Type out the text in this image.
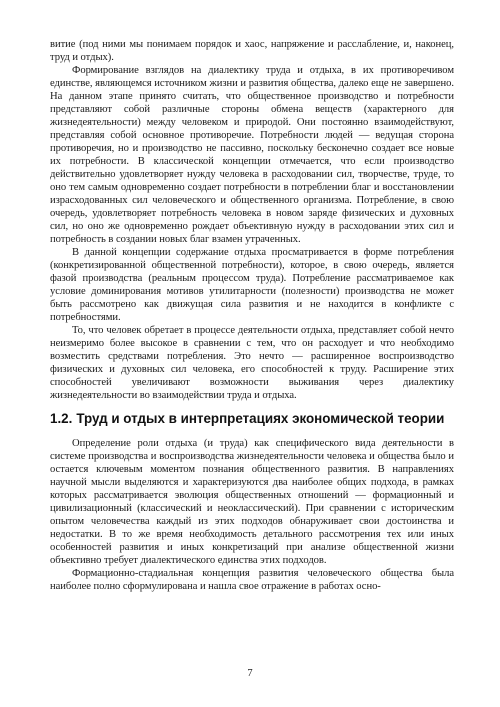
витие (под ними мы понимаем порядок и хаос, напряжение и расслабление, и, наконец, труд и отдых).

Формирование взглядов на диалектику труда и отдыха, в их противоречивом единстве, являющемся источником жизни и развития общества, далеко еще не завершено. На данном этапе принято считать, что общественное производство и потребности представляют собой различные стороны обмена веществ (характерного для жизнедеятельности) между человеком и природой. Они постоянно взаимодействуют, представляя собой основное противоречие. Потребности людей — ведущая сторона противоречия, но и производство не пассивно, поскольку бесконечно создает все новые их потребности. В классической концепции отмечается, что если производство действительно удовлетворяет нужду человека в расходовании сил, творчестве, труде, то оно тем самым одновременно создает потребности в потреблении благ и восстановлении израсходованных сил человеческого и общественного организма. Потребление, в свою очередь, удовлетворяет потребность человека в новом заряде физических и духовных сил, но оно же одновременно рождает объективную нужду в расходовании этих сил и потребность в создании новых благ взамен утраченных.

В данной концепции содержание отдыха просматривается в форме потребления (конкретизированной общественной потребности), которое, в свою очередь, является фазой производства (реальным процессом труда). Потребление рассматриваемое как условие доминирования мотивов утилитарности (полезности) производства не может быть рассмотрено как движущая сила развития и не находится в конфликте с потребностями.

То, что человек обретает в процессе деятельности отдыха, представляет собой нечто неизмеримо более высокое в сравнении с тем, что он расходует и что необходимо возместить средствами потребления. Это нечто — расширенное воспроизводство физических и духовных сил человека, его способностей к труду. Расширение этих способностей увеличивают возможности выживания через диалектику жизнедеятельности во взаимодействии труда и отдыха.

1.2. Труд и отдых в интерпретациях экономической теории

Определение роли отдыха (и труда) как специфического вида деятельности в системе производства и воспроизводства жизнедеятельности человека и общества было и остается ключевым моментом познания общественного развития. В направлениях научной мысли выделяются и характеризуются два наиболее общих подхода, в рамках которых рассматривается эволюция общественных отношений — формационный и цивилизационный (классический и неоклассический). При сравнении с историческим опытом человечества каждый из этих подходов обнаруживает свои достоинства и недостатки. В то же время необходимость детального рассмотрения тех или иных особенностей развития и иных конкретизаций при анализе общественной жизни объективно требует диалектического единства этих подходов.

Формационно-стадиальная концепция развития человеческого общества была наиболее полно сформулирована и нашла свое отражение в работах осно-

7
